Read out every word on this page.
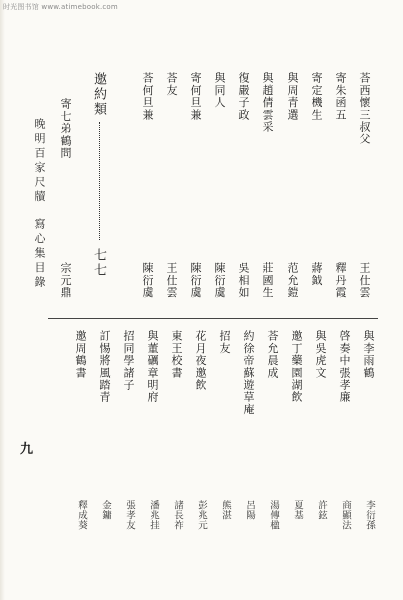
时光图书馆 www.atimebook.com
晚明百家尺牘
寫心集目錄
邀約類
七七
荅西懷三叔父
寄朱函五
寄定機生
與周青選
與趙倩雲采
復嚴子政
與同人
寄何旦兼
荅友
荅何旦兼
寄七弟鶴問
王仕雲
釋丹霞
蔣鉞
范允鎧
莊國生
吳相如
陳衍虞
陳衍虞
王仕雲
陳衍虞
宗元鼎
與李雨鶴
啓奏中張孝廉
與吳虎文
邀丁藥園湖飲
荅允晨成
約徐帝蘇遊草庵
招友
花月夜邀飲
東王校書
與董礪章明府
招同學諸子
訂惕將風踏青
邀周鶴書
李衍孫
商顯法
許鉉
夏基
湯傳楹
呂陽
熊湛
彭兆元
諸長祚
潘兆挂
張孝友
金鏞
釋成葵
九
